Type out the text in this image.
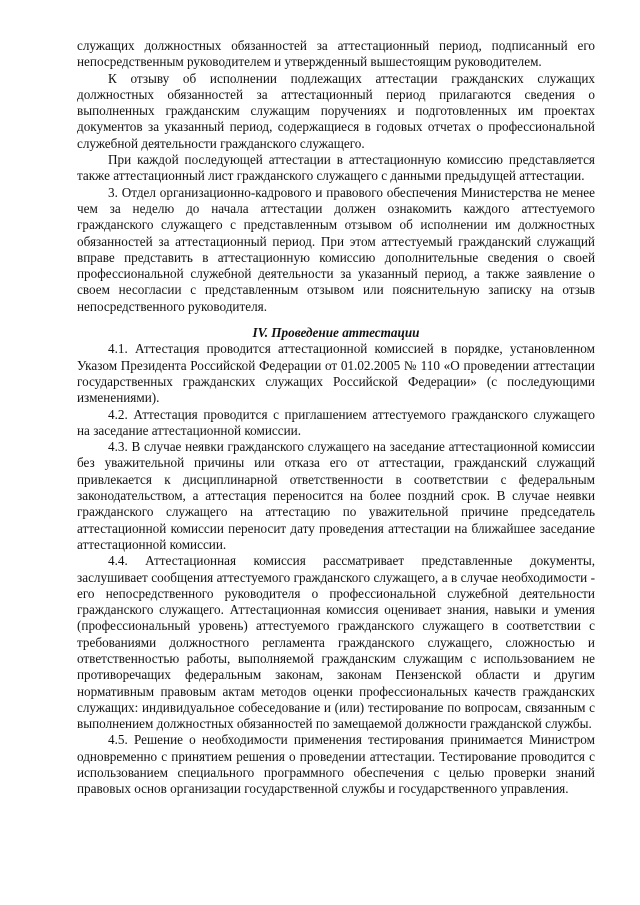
служащих должностных обязанностей за аттестационный период, подписанный его непосредственным руководителем и утвержденный вышестоящим руководителем.

К отзыву об исполнении подлежащих аттестации гражданских служащих должностных обязанностей за аттестационный период прилагаются сведения о выполненных гражданским служащим поручениях и подготовленных им проектах документов за указанный период, содержащиеся в годовых отчетах о профессиональной служебной деятельности гражданского служащего.

При каждой последующей аттестации в аттестационную комиссию представляется также аттестационный лист гражданского служащего с данными предыдущей аттестации.

3. Отдел организационно-кадрового и правового обеспечения Министерства не менее чем за неделю до начала аттестации должен ознакомить каждого аттестуемого гражданского служащего с представленным отзывом об исполнении им должностных обязанностей за аттестационный период. При этом аттестуемый гражданский служащий вправе представить в аттестационную комиссию дополнительные сведения о своей профессиональной служебной деятельности за указанный период, а также заявление о своем несогласии с представленным отзывом или пояснительную записку на отзыв непосредственного руководителя.

IV. Проведение аттестации

4.1. Аттестация проводится аттестационной комиссией в порядке, установленном Указом Президента Российской Федерации от 01.02.2005 № 110 «О проведении аттестации государственных гражданских служащих Российской Федерации» (с последующими изменениями).

4.2. Аттестация проводится с приглашением аттестуемого гражданского служащего на заседание аттестационной комиссии.

4.3. В случае неявки гражданского служащего на заседание аттестационной комиссии без уважительной причины или отказа его от аттестации, гражданский служащий привлекается к дисциплинарной ответственности в соответствии с федеральным законодательством, а аттестация переносится на более поздний срок. В случае неявки гражданского служащего на аттестацию по уважительной причине председатель аттестационной комиссии переносит дату проведения аттестации на ближайшее заседание аттестационной комиссии.

4.4. Аттестационная комиссия рассматривает представленные документы, заслушивает сообщения аттестуемого гражданского служащего, а в случае необходимости - его непосредственного руководителя о профессиональной служебной деятельности гражданского служащего. Аттестационная комиссия оценивает знания, навыки и умения (профессиональный уровень) аттестуемого гражданского служащего в соответствии с требованиями должностного регламента гражданского служащего, сложностью и ответственностью работы, выполняемой гражданским служащим с использованием не противоречащих федеральным законам, законам Пензенской области и другим нормативным правовым актам методов оценки профессиональных качеств гражданских служащих: индивидуальное собеседование и (или) тестирование по вопросам, связанным с выполнением должностных обязанностей по замещаемой должности гражданской службы.

4.5. Решение о необходимости применения тестирования принимается Министром одновременно с принятием решения о проведении аттестации. Тестирование проводится с использованием специального программного обеспечения с целью проверки знаний правовых основ организации государственной службы и государственного управления.
